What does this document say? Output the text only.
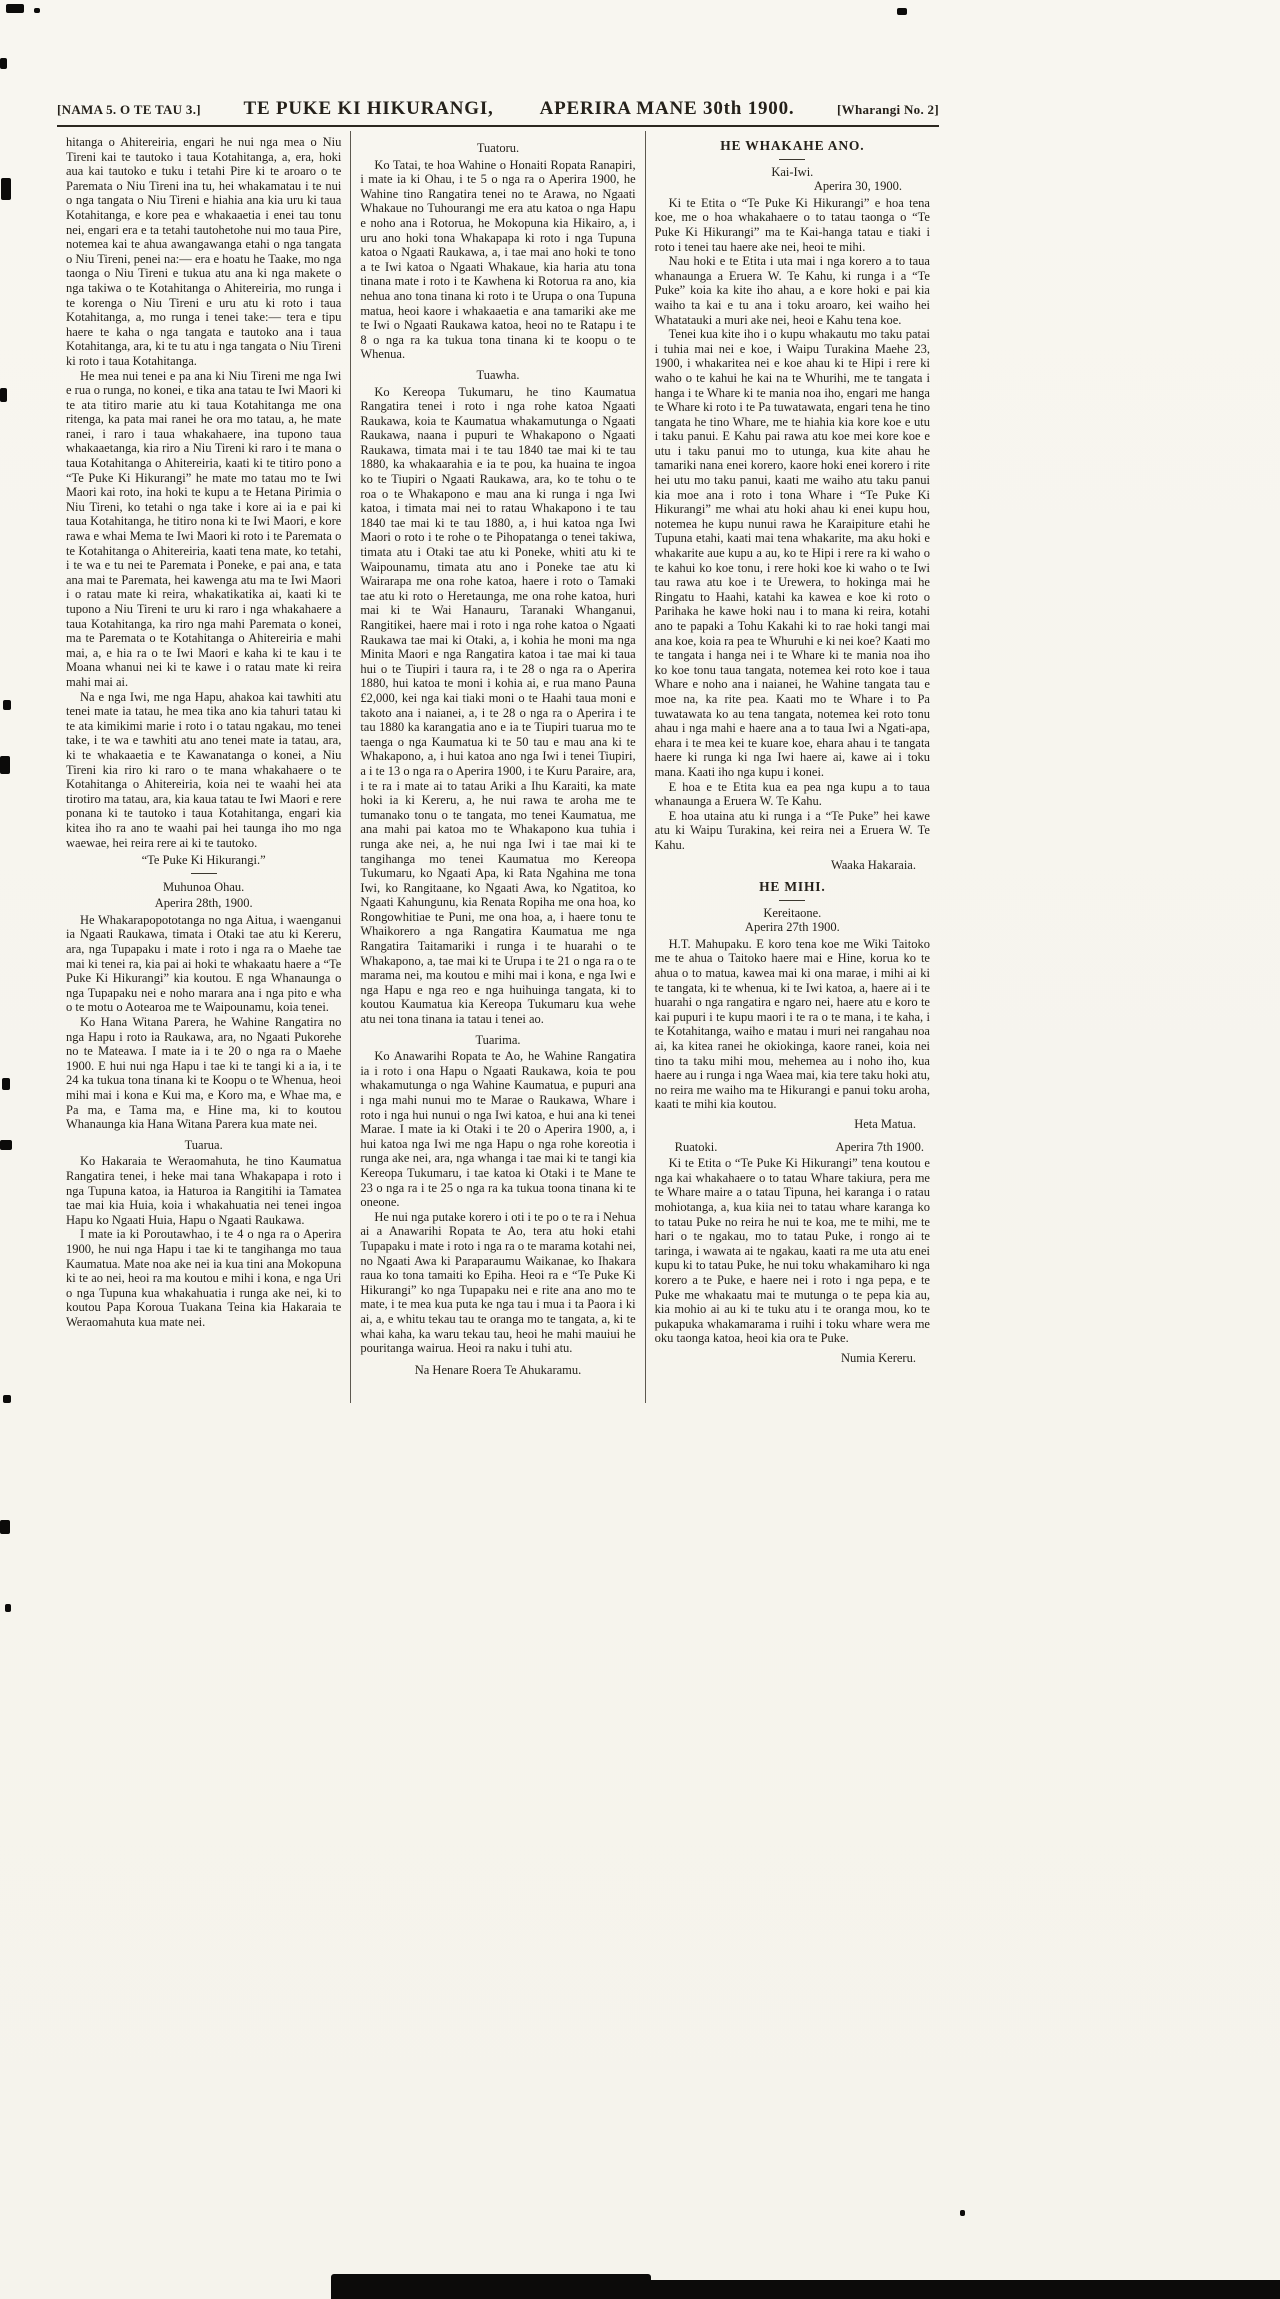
[NAMA 5. O TE TAU 3.] TE PUKE KI HIKURANGI, APERIRA MANE 30th 1900.	[Wharangi No. 2]
hitanga o Ahitereiria, engari he nui nga mea o Niu Tireni kai te tautoko i taua Kotahitanga, a, era, hoki aua kai tautoko e tuku i tetahi Pire ki te aroaro o te Paremata o Niu Tireni ina tu, hei whakamatau i te nui o nga tangata o Niu Tireni e hiahia ana kia uru ki taua Kotahitanga, e kore pea e whakaaetia i enei tau tonu nei, engari era e ta tetahi tautohetohe nui mo taua Pire, notemea kai te ahua awangawanga etahi o nga tangata o Niu Tireni, penei na:— era e hoatu he Taake, mo nga taonga o Niu Tireni e tukua atu ana ki nga makete o nga takiwa o te Kotahitanga o Ahitereiria, mo runga i te korenga o Niu Tireni e uru atu ki roto i taua Kotahitanga, a, mo runga i tenei take:— tera e tipu haere te kaha o nga tangata e tautoko ana i taua Kotahitanga, ara, ki te tu atu i nga tangata o Niu Tireni ki roto i taua Kotahitanga.
He mea nui tenei e pa ana ki Niu Tireni me nga Iwi e rua o runga, no konei, e tika ana tatau te Iwi Maori ki te ata titiro marie atu ki taua Kotahitanga me ona ritenga, ka pata mai ranei he ora mo tatau, a, he mate ranei, i raro i taua whakahaere, ina tupono taua whakaaetanga, kia riro a Niu Tireni ki raro i te mana o taua Kotahitanga o Ahitereiria, kaati ki te titiro pono a “Te Puke Ki Hikurangi” he mate mo tatau mo te Iwi Maori kai roto, ina hoki te kupu a te Hetana Pirimia o Niu Tireni, ko tetahi o nga take i kore ai ia e pai ki taua Kotahitanga, he titiro nona ki te Iwi Maori, e kore rawa e whai Mema te Iwi Maori ki roto i te Paremata o te Kotahitanga o Ahitereiria, kaati tena mate, ko tetahi, i te wa e tu nei te Paremata i Poneke, e pai ana, e tata ana mai te Paremata, hei kawenga atu ma te Iwi Maori i o ratau mate ki reira, whakatikatika ai, kaati ki te tupono a Niu Tireni te uru ki raro i nga whakahaere a taua Kotahitanga, ka riro nga mahi Paremata o konei, ma te Paremata o te Kotahitanga o Ahitereiria e mahi mai, a, e hia ra o te Iwi Maori e kaha ki te kau i te Moana whanui nei ki te kawe i o ratau mate ki reira mahi mai ai.
Na e nga Iwi, me nga Hapu, ahakoa kai tawhiti atu tenei mate ia tatau, he mea tika ano kia tahuri tatau ki te ata kimikimi marie i roto i o tatau ngakau, mo tenei take, i te wa e tawhiti atu ano tenei mate ia tatau, ara, ki te whakaaetia e te Kawanatanga o konei, a Niu Tireni kia riro ki raro o te mana whakahaere o te Kotahitanga o Ahitereiria, koia nei te waahi hei ata tirotiro ma tatau, ara, kia kaua tatau te Iwi Maori e rere ponana ki te tautoko i taua Kotahitanga, engari kia kitea iho ra ano te waahi pai hei taunga iho mo nga waewae, hei reira rere ai ki te tautoko.
“Te Puke Ki Hikurangi.”
Muhunoa Ohau.
Aperira 28th, 1900.
He Whakarapopototanga no nga Aitua, i waenganui ia Ngaati Raukawa, timata i Otaki tae atu ki Kereru, ara, nga Tupapaku i mate i roto i nga ra o Maehe tae mai ki tenei ra, kia pai ai hoki te whakaatu haere a “Te Puke Ki Hikurangi” kia koutou. E nga Whanaunga o nga Tupapaku nei e noho marara ana i nga pito e wha o te motu o Aotearoa me te Waipounamu, koia tenei.
Ko Hana Witana Parera, he Wahine Rangatira no nga Hapu i roto ia Raukawa, ara, no Ngaati Pukorehe no te Mateawa. I mate ia i te 20 o nga ra o Maehe 1900. E hui nui nga Hapu i tae ki te tangi ki a ia, i te 24 ka tukua tona tinana ki te Koopu o te Whenua, heoi mihi mai i kona e Kui ma, e Koro ma, e Whae ma, e Pa ma, e Tama ma, e Hine ma, ki to koutou Whanaunga kia Hana Witana Parera kua mate nei.
Tuarua.
Ko Hakaraia te Weraomahuta, he tino Kaumatua Rangatira tenei, i heke mai tana Whakapapa i roto i nga Tupuna katoa, ia Haturoa ia Rangitihi ia Tamatea tae mai kia Huia, koia i whakahuatia nei tenei ingoa Hapu ko Ngaati Huia, Hapu o Ngaati Raukawa.
I mate ia ki Poroutawhao, i te 4 o nga ra o Aperira 1900, he nui nga Hapu i tae ki te tangihanga mo taua Kaumatua. Mate noa ake nei ia kua tini ana Mokopuna ki te ao nei, heoi ra ma koutou e mihi i kona, e nga Uri o nga Tupuna kua whakahuatia i runga ake nei, ki to koutou Papa Koroua Tuakana Teina kia Hakaraia te Weraomahuta kua mate nei.
Tuatoru.
Ko Tatai, te hoa Wahine o Honaiti Ropata Ranapiri, i mate ia ki Ohau, i te 5 o nga ra o Aperira 1900, he Wahine tino Rangatira tenei no te Arawa, no Ngaati Whakaue no Tuhourangi me era atu katoa o nga Hapu e noho ana i Rotorua, he Mokopuna kia Hikairo, a, i uru ano hoki tona Whakapapa ki roto i nga Tupuna katoa o Ngaati Raukawa, a, i tae mai ano hoki te tono a te Iwi katoa o Ngaati Whakaue, kia haria atu tona tinana mate i roto i te Kawhena ki Rotorua ra ano, kia nehua ano tona tinana ki roto i te Urupa o ona Tupuna matua, heoi kaore i whakaaetia e ana tamariki ake me te Iwi o Ngaati Raukawa katoa, heoi no te Ratapu i te 8 o nga ra ka tukua tona tinana ki te koopu o te Whenua.
Tuawha.
Ko Kereopa Tukumaru, he tino Kaumatua Rangatira tenei i roto i nga rohe katoa Ngaati Raukawa, koia te Kaumatua whakamutunga o Ngaati Raukawa, naana i pupuri te Whakapono o Ngaati Raukawa, timata mai i te tau 1840 tae mai ki te tau 1880, ka whakaarahia e ia te pou, ka huaina te ingoa ko te Tiupiri o Ngaati Raukawa, ara, ko te tohu o te roa o te Whakapono e mau ana ki runga i nga Iwi katoa, i timata mai nei to ratau Whakapono i te tau 1840 tae mai ki te tau 1880, a, i hui katoa nga Iwi Maori o roto i te rohe o te Pihopatanga o tenei takiwa, timata atu i Otaki tae atu ki Poneke, whiti atu ki te Waipounamu, timata atu ano i Poneke tae atu ki Wairarapa me ona rohe katoa, haere i roto o Tamaki tae atu ki roto o Heretaunga, me ona rohe katoa, huri mai ki te Wai Hanauru, Taranaki Whanganui, Rangitikei, haere mai i roto i nga rohe katoa o Ngaati Raukawa tae mai ki Otaki, a, i kohia he moni ma nga Minita Maori e nga Rangatira katoa i tae mai ki taua hui o te Tiupiri i taura ra, i te 28 o nga ra o Aperira 1880, hui katoa te moni i kohia ai, e rua mano Pauna £2,000, kei nga kai tiaki moni o te Haahi taua moni e takoto ana i naianei, a, i te 28 o nga ra o Aperira i te tau 1880 ka karangatia ano e ia te Tiupiri tuarua mo te taenga o nga Kaumatua ki te 50 tau e mau ana ki te Whakapono, a, i hui katoa ano nga Iwi i tenei Tiupiri, a i te 13 o nga ra o Aperira 1900, i te Kuru Paraire, ara, i te ra i mate ai to tatau Ariki a Ihu Karaiti, ka mate hoki ia ki Kereru, a, he nui rawa te aroha me te tumanako tonu o te tangata, mo tenei Kaumatua, me ana mahi pai katoa mo te Whakapono kua tuhia i runga ake nei, a, he nui nga Iwi i tae mai ki te tangihanga mo tenei Kaumatua mo Kereopa Tukumaru, ko Ngaati Apa, ki Rata Ngahina me tona Iwi, ko Rangitaane, ko Ngaati Awa, ko Ngatitoa, ko Ngaati Kahungunu, kia Renata Ropiha me ona hoa, ko Rongowhitiae te Puni, me ona hoa, a, i haere tonu te Whaikorero a nga Rangatira Kaumatua me nga Rangatira Taitamariki i runga i te huarahi o te Whakapono, a, tae mai ki te Urupa i te 21 o nga ra o te marama nei, ma koutou e mihi mai i kona, e nga Iwi e nga Hapu e nga reo e nga huihuinga tangata, ki to koutou Kaumatua kia Kereopa Tukumaru kua wehe atu nei tona tinana ia tatau i tenei ao.
Tuarima.
Ko Anawarihi Ropata te Ao, he Wahine Rangatira ia i roto i ona Hapu o Ngaati Raukawa, koia te pou whakamutunga o nga Wahine Kaumatua, e pupuri ana i nga mahi nunui mo te Marae o Raukawa, Whare i roto i nga hui nunui o nga Iwi katoa, e hui ana ki tenei Marae. I mate ia ki Otaki i te 20 o Aperira 1900, a, i hui katoa nga Iwi me nga Hapu o nga rohe koreotia i runga ake nei, ara, nga whanga i tae mai ki te tangi kia Kereopa Tukumaru, i tae katoa ki Otaki i te Mane te 23 o nga ra i te 25 o nga ra ka tukua toona tinana ki te oneone.
He nui nga putake korero i oti i te po o te ra i Nehua ai a Anawarihi Ropata te Ao, tera atu hoki etahi Tupapaku i mate i roto i nga ra o te marama kotahi nei, no Ngaati Awa ki Paraparaumu Waikanae, ko Ihakara raua ko tona tamaiti ko Epiha. Heoi ra e “Te Puke Ki Hikurangi” ko nga Tupapaku nei e rite ana ano mo te mate, i te mea kua puta ke nga tau i mua i ta Paora i ki ai, a, e whitu tekau tau te oranga mo te tangata, a, ki te whai kaha, ka waru tekau tau, heoi he mahi mauiui he pouritanga wairua. Heoi ra naku i tuhi atu.
Na Henare Roera Te Ahukaramu.
HE WHAKAHE ANO.
Kai-Iwi.
Aperira 30, 1900.
Ki te Etita o “Te Puke Ki Hikurangi” e hoa tena koe, me o hoa whakahaere o to tatau taonga o “Te Puke Ki Hikurangi” ma te Kai-hanga tatau e tiaki i roto i tenei tau haere ake nei, heoi te mihi.
Nau hoki e te Etita i uta mai i nga korero a to taua whanaunga a Eruera W. Te Kahu, ki runga i a “Te Puke” koia ka kite iho ahau, a e kore hoki e pai kia waiho ta kai e tu ana i toku aroaro, kei waiho hei Whatatauki a muri ake nei, heoi e Kahu tena koe.
Tenei kua kite iho i o kupu whakautu mo taku patai i tuhia mai nei e koe, i Waipu Turakina Maehe 23, 1900, i whakaritea nei e koe ahau ki te Hipi i rere ki waho o te kahui he kai na te Whurihi, me te tangata i hanga i te Whare ki te mania noa iho, engari me hanga te Whare ki roto i te Pa tuwatawata, engari tena he tino tangata he tino Whare, me te hiahia kia kore koe e utu i taku panui. E Kahu pai rawa atu koe mei kore koe e utu i taku panui mo to utunga, kua kite ahau he tamariki nana enei korero, kaore hoki enei korero i rite hei utu mo taku panui, kaati me waiho atu taku panui kia moe ana i roto i tona Whare i “Te Puke Ki Hikurangi” me whai atu hoki ahau ki enei kupu hou, notemea he kupu nunui rawa he Karaipiture etahi he Tupuna etahi, kaati mai tena whakarite, ma aku hoki e whakarite aue kupu a au, ko te Hipi i rere ra ki waho o te kahui ko koe tonu, i rere hoki koe ki waho o te Iwi tau rawa atu koe i te Urewera, to hokinga mai he Ringatu to Haahi, katahi ka kawea e koe ki roto o Parihaka he kawe hoki nau i to mana ki reira, kotahi ano te papaki a Tohu Kakahi ki to rae hoki tangi mai ana koe, koia ra pea te Whuruhi e ki nei koe? Kaati mo te tangata i hanga nei i te Whare ki te mania noa iho ko koe tonu taua tangata, notemea kei roto koe i taua Whare e noho ana i naianei, he Wahine tangata tau e moe na, ka rite pea. Kaati mo te Whare i to Pa tuwatawata ko au tena tangata, notemea kei roto tonu ahau i nga mahi e haere ana a to taua Iwi a Ngati-apa, ehara i te mea kei te kuare koe, ehara ahau i te tangata haere ki runga ki nga Iwi haere ai, kawe ai i toku mana. Kaati iho nga kupu i konei.
E hoa e te Etita kua ea pea nga kupu a to taua whanaunga a Eruera W. Te Kahu.
E hoa utaina atu ki runga i a “Te Puke” hei kawe atu ki Waipu Turakina, kei reira nei a Eruera W. Te Kahu.
Waaka Hakaraia.
HE MIHI.
Kereitaone.
Aperira 27th 1900.
H.T. Mahupaku. E koro tena koe me Wiki Taitoko me te ahua o Taitoko haere mai e Hine, korua ko te ahua o to matua, kawea mai ki ona marae, i mihi ai ki te tangata, ki te whenua, ki te Iwi katoa, a, haere ai i te huarahi o nga rangatira e ngaro nei, haere atu e koro te kai pupuri i te kupu maori i te ra o te mana, i te kaha, i te Kotahitanga, waiho e matau i muri nei rangahau noa ai, ka kitea ranei he okiokinga, kaore ranei, koia nei tino ta taku mihi mou, mehemea au i noho iho, kua haere au i runga i nga Waea mai, kia tere taku hoki atu, no reira me waiho ma te Hikurangi e panui toku aroha, kaati te mihi kia koutou.
Heta Matua.
Ruatoki.	Aperira 7th 1900.
Ki te Etita o “Te Puke Ki Hikurangi” tena koutou e nga kai whakahaere o to tatau Whare takiura, pera me te Whare maire a o tatau Tipuna, hei karanga i o ratau mohiotanga, a, kua kiia nei to tatau whare karanga ko to tatau Puke no reira he nui te koa, me te mihi, me te hari o te ngakau, mo to tatau Puke, i rongo ai te taringa, i wawata ai te ngakau, kaati ra me uta atu enei kupu ki to tatau Puke, he nui toku whakamiharo ki nga korero a te Puke, e haere nei i roto i nga pepa, e te Puke me whakaatu mai te mutunga o te pepa kia au, kia mohio ai au ki te tuku atu i te oranga mou, ko te pukapuka whakamarama i ruihi i toku whare wera me oku taonga katoa, heoi kia ora te Puke.
Numia Kereru.
